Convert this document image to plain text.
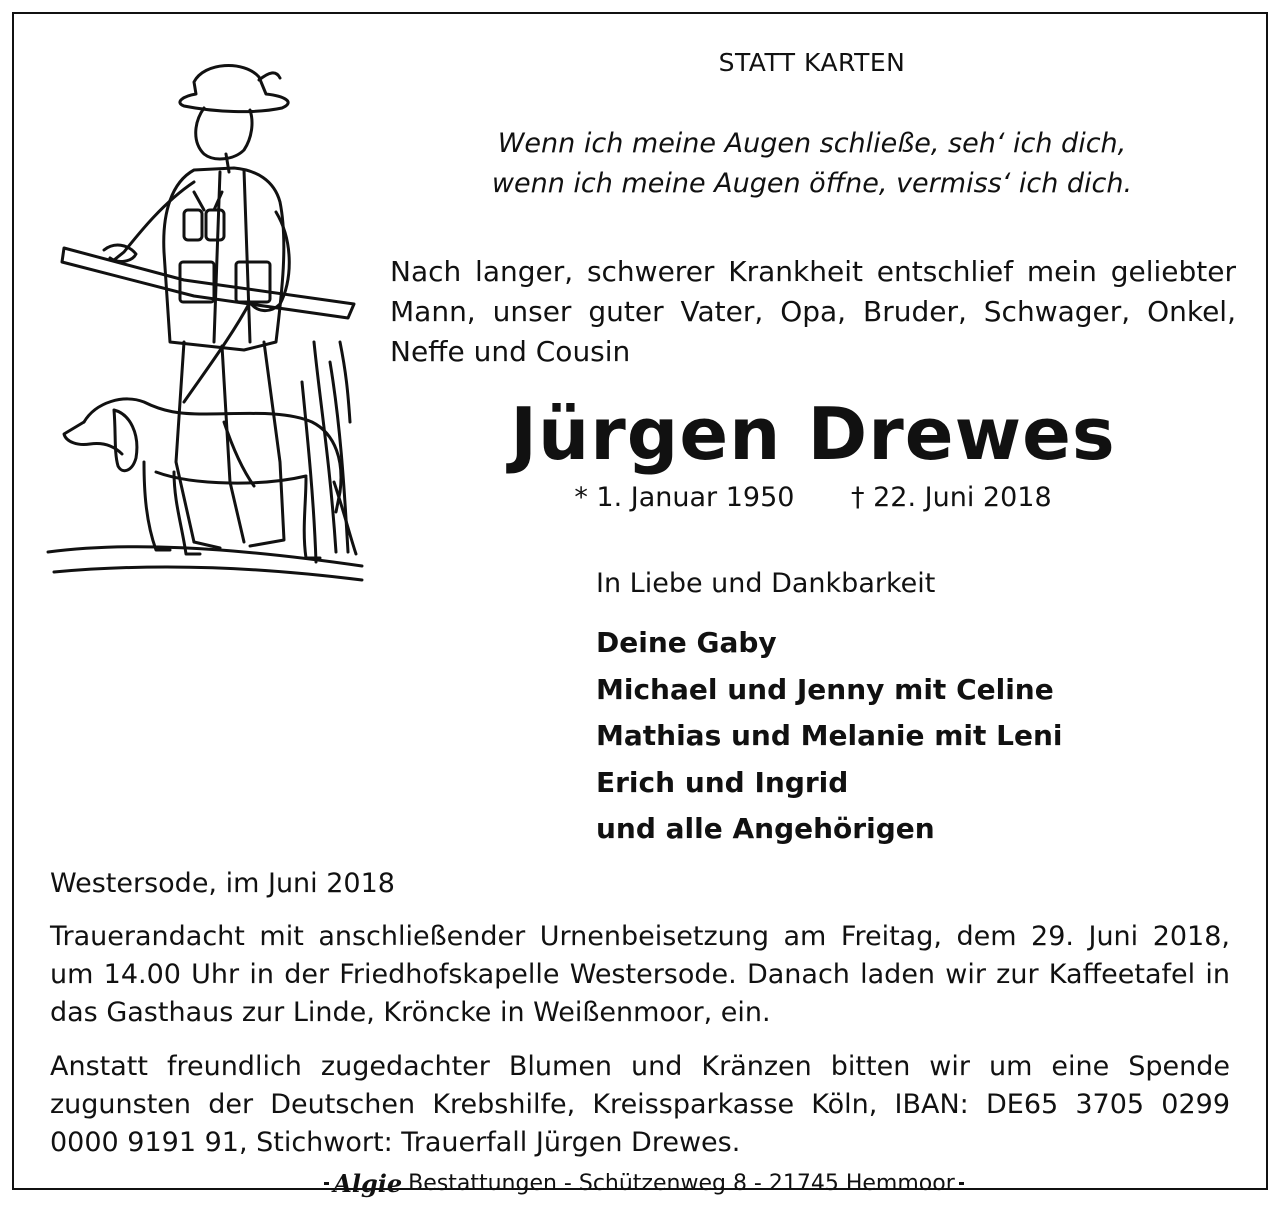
STATT KARTEN
Wenn ich meine Augen schließe, seh‘ ich dich,
wenn ich meine Augen öffne, vermiss‘ ich dich.
Nach langer, schwerer Krankheit entschlief mein geliebter
Mann, unser guter Vater, Opa, Bruder, Schwager, Onkel,
Neffe und Cousin
Jürgen Drewes
* 1. Januar 1950 † 22. Juni 2018
In Liebe und Dankbarkeit
Deine Gaby
Michael und Jenny mit Celine
Mathias und Melanie mit Leni
Erich und Ingrid
und alle Angehörigen
Westersode, im Juni 2018
Trauerandacht mit anschließender Urnenbeisetzung am Freitag, dem 29. Juni 2018,
um 14.00 Uhr in der Friedhofskapelle Westersode. Danach laden wir zur Kaffeetafel in
das Gasthaus zur Linde, Kröncke in Weißenmoor, ein.
Anstatt freundlich zugedachter Blumen und Kränzen bitten wir um eine Spende
zugunsten der Deutschen Krebshilfe, Kreissparkasse Köln, IBAN: DE65 3705 0299
0000 9191 91, Stichwort: Trauerfall Jürgen Drewes.
Algie Bestattungen - Schützenweg 8 - 21745 Hemmoor
